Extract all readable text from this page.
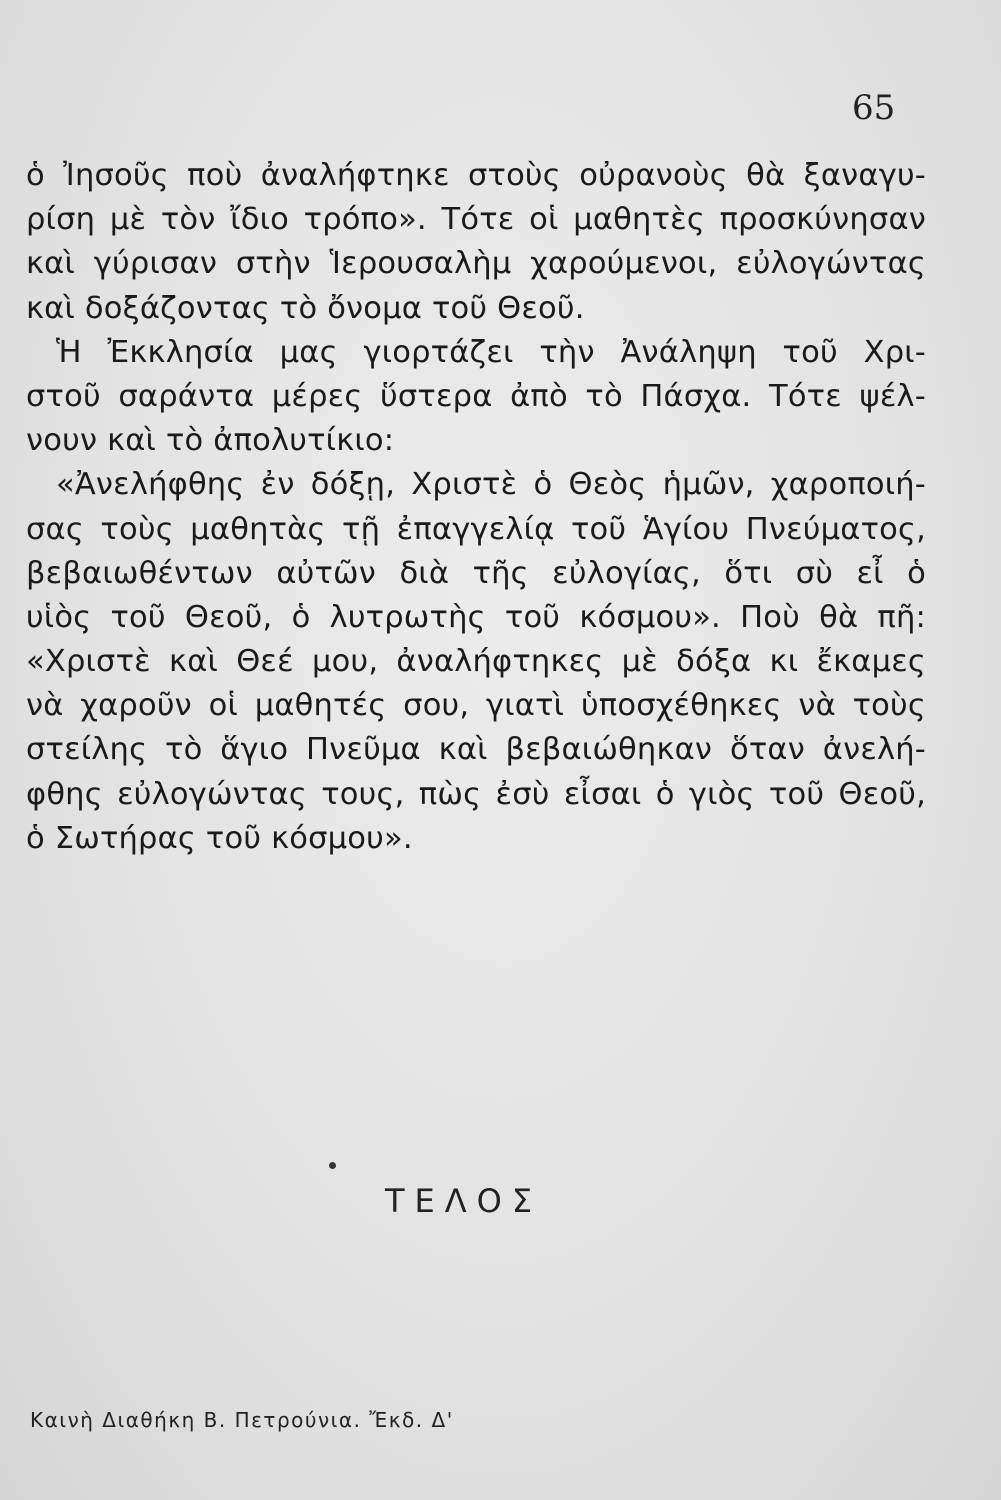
65
ὁ Ἰησοῦς ποὺ ἀναλήφτηκε στοὺς οὐρανοὺς θὰ ξαναγυ-
ρίση μὲ τὸν ἴδιο τρόπο». Τότε οἱ μαθητὲς προσκύνησαν
καὶ γύρισαν στὴν Ἱερουσαλὴμ χαρούμενοι, εὐλογώντας
καὶ δοξάζοντας τὸ ὄνομα τοῦ Θεοῦ.
Ἡ Ἐκκλησία μας γιορτάζει τὴν Ἀνάληψη τοῦ Χρι-
στοῦ σαράντα μέρες ὕστερα ἀπὸ τὸ Πάσχα. Τότε ψέλ-
νουν καὶ τὸ ἀπολυτίκιο:
«Ἀνελήφθης ἐν δόξῃ, Χριστὲ ὁ Θεὸς ἡμῶν, χαροποιή-
σας τοὺς μαθητὰς τῇ ἐπαγγελίᾳ τοῦ Ἁγίου Πνεύματος,
βεβαιωθέντων αὐτῶν διὰ τῆς εὐλογίας, ὅτι σὺ εἶ ὁ
υἱὸς τοῦ Θεοῦ, ὁ λυτρωτὴς τοῦ κόσμου». Ποὺ θὰ πῆ:
«Χριστὲ καὶ Θεέ μου, ἀναλήφτηκες μὲ δόξα κι ἔκαμες
νὰ χαροῦν οἱ μαθητές σου, γιατὶ ὑποσχέθηκες νὰ τοὺς
στείλης τὸ ἅγιο Πνεῦμα καὶ βεβαιώθηκαν ὅταν ἀνελή-
φθης εὐλογώντας τους, πὼς ἐσὺ εἶσαι ὁ γιὸς τοῦ Θεοῦ,
ὁ Σωτήρας τοῦ κόσμου».
ΤΕΛΟΣ
Καινὴ Διαθήκη Β. Πετρούνια. Ἔκδ. Δ'
